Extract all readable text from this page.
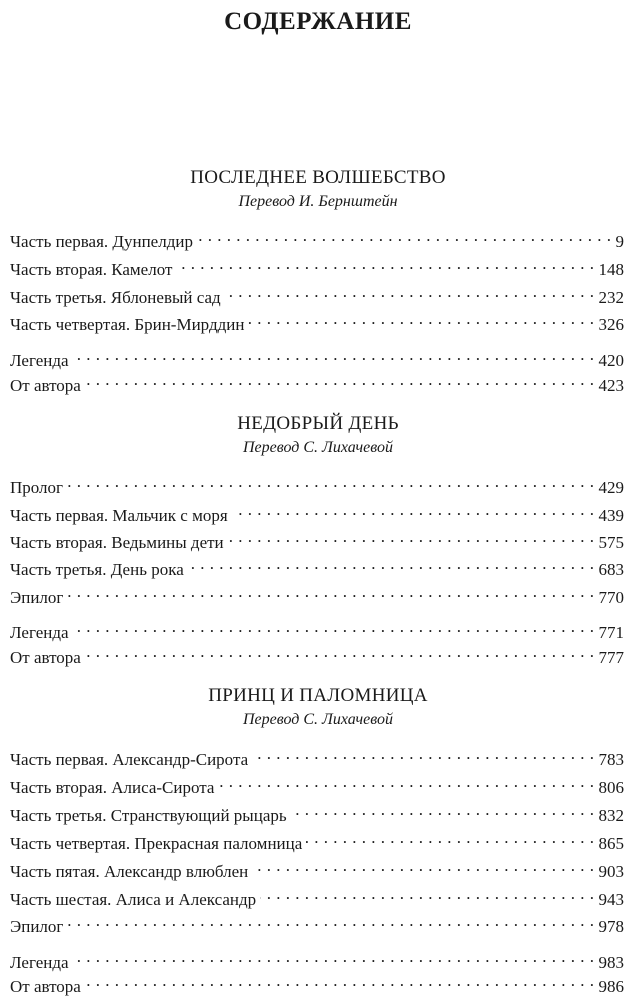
СОДЕРЖАНИЕ
ПОСЛЕДНЕЕ ВОЛШЕБСТВО
Перевод И. Бернштейн
Часть первая. Дунпелдир . . .	9
Часть вторая. Камелот . . .	148
Часть третья. Яблоневый сад . . .	232
Часть четвертая. Брин-Мирддин . . .	326
Легенда . . .	420
От автора . . .	423
НЕДОБРЫЙ ДЕНЬ
Перевод С. Лихачевой
Пролог . . .	429
Часть первая. Мальчик с моря . . .	439
Часть вторая. Ведьмины дети . . .	575
Часть третья. День рока . . .	683
Эпилог . . .	770
Легенда . . .	771
От автора . . .	777
ПРИНЦ И ПАЛОМНИЦА
Перевод С. Лихачевой
Часть первая. Александр-Сирота . . .	783
Часть вторая. Алиса-Сирота . . .	806
Часть третья. Странствующий рыцарь . . .	832
Часть четвертая. Прекрасная паломница . . .	865
Часть пятая. Александр влюблен . . .	903
Часть шестая. Алиса и Александр . . .	943
Эпилог . . .	978
Легенда . . .	983
От автора . . .	986
